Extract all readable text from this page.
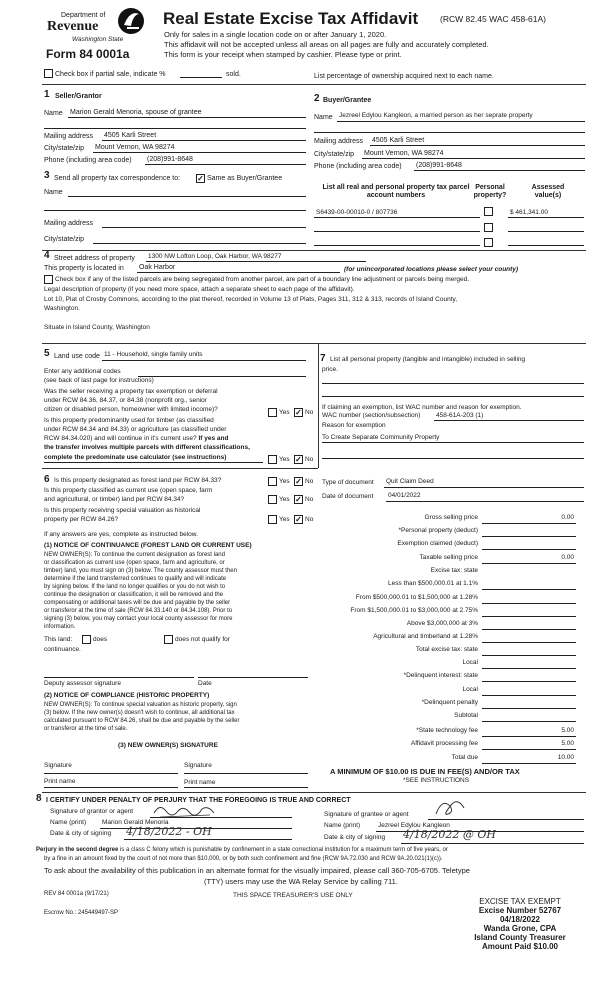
Department of
Revenue
Washington State
Form 84 0001a
Real Estate Excise Tax Affidavit	(RCW 82.45 WAC 458-61A)
Only for sales in a single location code on or after January 1, 2020.
This affidavit will not be accepted unless all areas on all pages are fully and accurately completed.
This form is your receipt when stamped by cashier. Please type or print.
Check box if partial sale, indicate %	sold.	List percentage of ownership acquired next to each name.
1 Seller/Grantor
Name Marion Gerald Menoria, spouse of grantee
Mailing address 4505 Karli Street
City/state/zip Mount Vernon, WA 98274
Phone (including area code) (208)991-8648
2 Buyer/Grantee
Name Jezreel Edylou Kangleon, a married person as her seprate property
Mailing address 4505 Karli Street
City/state/zip Mount Vernon, WA 98274
Phone (including area code) (208)991-8648
3 Send all property tax correspondence to: ✓ Same as Buyer/Grantee
Name
Mailing address
City/state/zip
List all real and personal property tax parcel account numbers
Personal property?
Assessed value(s)
S6439-00-00010-0 / 807736	$ 461,341.00
4 Street address of property 1300 NW Lofton Loop, Oak Harbor, WA 98277
This property is located in Oak Harbor	(for unincorporated locations please select your county)
Check box if any of the listed parcels are being segregated from another parcel, are part of a boundary line adjustment or parcels being merged.
Legal description of property (if you need more space, attach a separate sheet to each page of the affidavit).
Lot 10, Plat of Crosby Commons, according to the plat thereof, recorded in Volume 13 of Plats, Pages 311, 312 & 313, records of Island County,
Washington.
Situate in Island County, Washington
5 Land use code 11 - Household, single family units
Enter any additional codes
(see back of last page for instructions)
Was the seller receiving a property tax exemption or deferral
under RCW 84.36, 84.37, or 84.38 (nonprofit org., senior
citizen or disabled person, homeowner with limited income)?	Yes ✓ No
Is this property predominantly used for timber (as classified
under RCW 84.34 and 84.33) or agriculture (as classified under
RCW 84.34.020) and will continue in it's current use? If yes and
the transfer involves multiple parcels with different classifications,
complete the predominate use calculator (see instructions)	Yes ✓ No
7 List all personal property (tangible and intangible) included in selling
price.
If claiming an exemption, list WAC number and reason for exemption.
WAC number (section/subsection) 458-61A-203 (1)
Reason for exemption
To Create Separate Community Property
Type of document Quit Claim Deed
Date of document 04/01/2022
6 Is this property designated as forest land per RCW 84.33?	Yes ✓ No
Is this property classified as current use (open space, farm
and agricultural, or timber) land per RCW 84.34?	Yes ✓ No
Is this property receiving special valuation as historical
property per RCW 84.26?	Yes ✓ No
If any answers are yes, complete as instructed below.
(1) NOTICE OF CONTINUANCE (FOREST LAND OR CURRENT USE)
NEW OWNER(S): To continue the current designation as forest land
or classification as current use (open space, farm and agriculture, or
timber) land, you must sign on (3) below. The county assessor must then
determine if the land transferred continues to qualify and will indicate
by signing below. If the land no longer qualifies or you do not wish to
continue the designation or classification, it will be removed and the
compensating or additional taxes will be due and payable by the seller
or transferor at the time of sale (RCW 84.33.140 or 84.34.108). Prior to
signing (3) below, you may contact your local county assessor for more
information.
This land:	does	does not qualify for
continuance.
Deputy assessor signature	Date
(2) NOTICE OF COMPLIANCE (HISTORIC PROPERTY)
NEW OWNER(S): To continue special valuation as historic property, sign
(3) below. If the new owner(s) doesn't wish to continue, all additional tax
calculated pursuant to RCW 84.26, shall be due and payable by the seller
or transferor at the time of sale.
(3) NEW OWNER(S) SIGNATURE
Signature	Signature
Print name	Print name
Gross selling price	0.00
*Personal property (deduct)
Exemption claimed (deduct)
Taxable selling price	0.00
Excise tax: state
Less than $500,000.01 at 1.1%
From $500,000.01 to $1,500,000 at 1.28%
From $1,500,000.01 to $3,000,000 at 2.75%
Above $3,000,000 at 3%
Agricultural and timberland at 1.28%
Total excise tax: state
Local
*Delinquent interest: state
Local
*Delinquent penalty
Subtotal
*State technology fee	5.00
Affidavit processing fee	5.00
Total due	10.00
A MINIMUM OF $10.00 IS DUE IN FEE(S) AND/OR TAX
*SEE INSTRUCTIONS
8 I CERTIFY UNDER PENALTY OF PERJURY THAT THE FOREGOING IS TRUE AND CORRECT
Signature of grantor or agent
Name (print) Marion Gerald Menoria
Date & city of signing 4/18/2022 - OH
Signature of grantee or agent
Name (print)	Jezreel Edylou Kangleon
Date & city of signing 4/18/2022 @ OH
Perjury in the second degree is a class C felony which is punishable by confinement in a state correctional institution for a maximum term of five years, or
by a fine in an amount fixed by the court of not more than $10,000, or by both such confinement and fine (RCW 9A.72.030 and RCW 9A.20.021(1)(c)).
To ask about the availability of this publication in an alternate format for the visually impaired, please call 360-705-6705. Teletype
(TTY) users may use the WA Relay Service by calling 711.
REV 84 0001a (9/17/21)	THIS SPACE TREASURER'S USE ONLY
Escrow No.: 245449497-SP
EXCISE TAX EXEMPT
Excise Number 52767
04/18/2022
Wanda Grone, CPA
Island County Treasurer
Amount Paid $10.00
